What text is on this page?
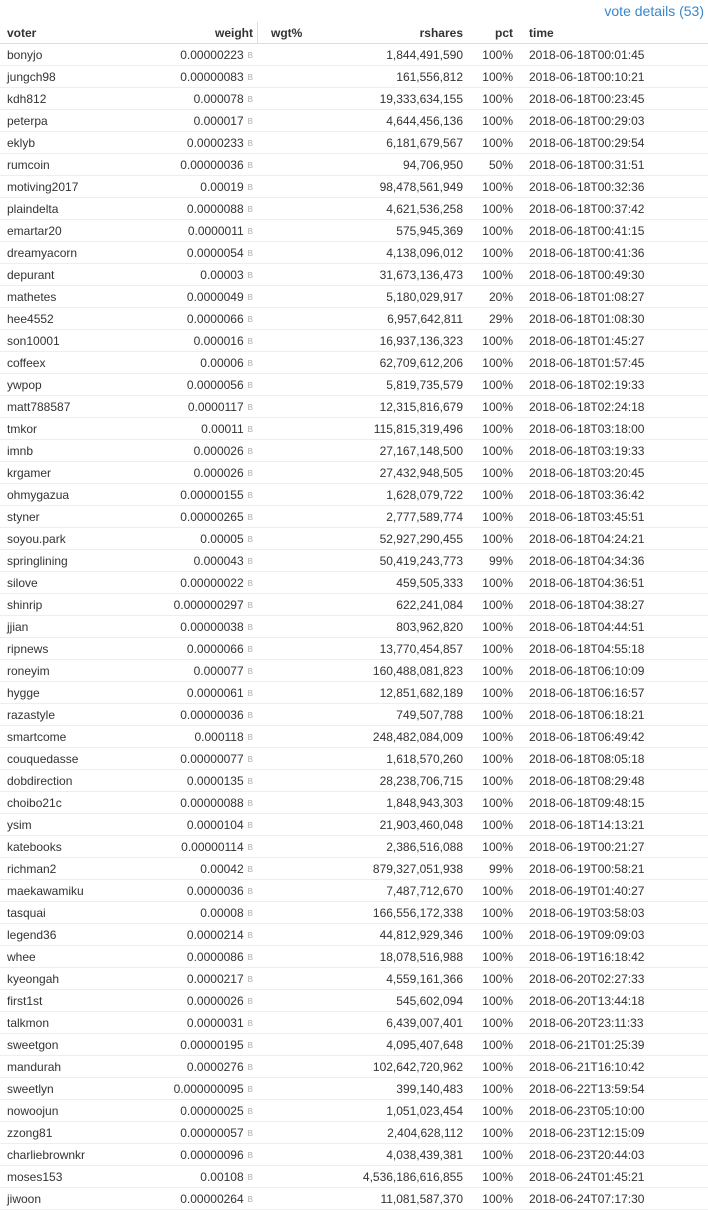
vote details (53)
voter	weight	wgt%	rshares	pct	time
bonyjo	0.00000223 B		1,844,491,590	100%	2018-06-18T00:01:45
jungch98	0.00000083 B		161,556,812	100%	2018-06-18T00:10:21
kdh812	0.000078 B		19,333,634,155	100%	2018-06-18T00:23:45
peterpa	0.000017 B		4,644,456,136	100%	2018-06-18T00:29:03
eklyb	0.0000233 B		6,181,679,567	100%	2018-06-18T00:29:54
rumcoin	0.00000036 B		94,706,950	50%	2018-06-18T00:31:51
motiving2017	0.00019 B		98,478,561,949	100%	2018-06-18T00:32:36
plaindelta	0.0000088 B		4,621,536,258	100%	2018-06-18T00:37:42
emartar20	0.0000011 B		575,945,369	100%	2018-06-18T00:41:15
dreamyacorn	0.0000054 B		4,138,096,012	100%	2018-06-18T00:41:36
depurant	0.00003 B		31,673,136,473	100%	2018-06-18T00:49:30
mathetes	0.0000049 B		5,180,029,917	20%	2018-06-18T01:08:27
hee4552	0.0000066 B		6,957,642,811	29%	2018-06-18T01:08:30
son10001	0.000016 B		16,937,136,323	100%	2018-06-18T01:45:27
coffeex	0.00006 B		62,709,612,206	100%	2018-06-18T01:57:45
ywpop	0.0000056 B		5,819,735,579	100%	2018-06-18T02:19:33
matt788587	0.0000117 B		12,315,816,679	100%	2018-06-18T02:24:18
tmkor	0.00011 B		115,815,319,496	100%	2018-06-18T03:18:00
imnb	0.000026 B		27,167,148,500	100%	2018-06-18T03:19:33
krgamer	0.000026 B		27,432,948,505	100%	2018-06-18T03:20:45
ohmygazua	0.00000155 B		1,628,079,722	100%	2018-06-18T03:36:42
styner	0.00000265 B		2,777,589,774	100%	2018-06-18T03:45:51
soyou.park	0.00005 B		52,927,290,455	100%	2018-06-18T04:24:21
springlining	0.000043 B		50,419,243,773	99%	2018-06-18T04:34:36
silove	0.00000022 B		459,505,333	100%	2018-06-18T04:36:51
shinrip	0.000000297 B		622,241,084	100%	2018-06-18T04:38:27
jjian	0.00000038 B		803,962,820	100%	2018-06-18T04:44:51
ripnews	0.0000066 B		13,770,454,857	100%	2018-06-18T04:55:18
roneyim	0.000077 B		160,488,081,823	100%	2018-06-18T06:10:09
hygge	0.0000061 B		12,851,682,189	100%	2018-06-18T06:16:57
razastyle	0.00000036 B		749,507,788	100%	2018-06-18T06:18:21
smartcome	0.000118 B		248,482,084,009	100%	2018-06-18T06:49:42
couquedasse	0.00000077 B		1,618,570,260	100%	2018-06-18T08:05:18
dobdirection	0.0000135 B		28,238,706,715	100%	2018-06-18T08:29:48
choibo21c	0.00000088 B		1,848,943,303	100%	2018-06-18T09:48:15
ysim	0.0000104 B		21,903,460,048	100%	2018-06-18T14:13:21
katebooks	0.00000114 B		2,386,516,088	100%	2018-06-19T00:21:27
richman2	0.00042 B		879,327,051,938	99%	2018-06-19T00:58:21
maekawamiku	0.0000036 B		7,487,712,670	100%	2018-06-19T01:40:27
tasquai	0.00008 B		166,556,172,338	100%	2018-06-19T03:58:03
legend36	0.0000214 B		44,812,929,346	100%	2018-06-19T09:09:03
whee	0.0000086 B		18,078,516,988	100%	2018-06-19T16:18:42
kyeongah	0.0000217 B		4,559,161,366	100%	2018-06-20T02:27:33
first1st	0.0000026 B		545,602,094	100%	2018-06-20T13:44:18
talkmon	0.0000031 B		6,439,007,401	100%	2018-06-20T23:11:33
sweetgon	0.00000195 B		4,095,407,648	100%	2018-06-21T01:25:39
mandurah	0.0000276 B		102,642,720,962	100%	2018-06-21T16:10:42
sweetlyn	0.000000095 B		399,140,483	100%	2018-06-22T13:59:54
nowoojun	0.00000025 B		1,051,023,454	100%	2018-06-23T05:10:00
zzong81	0.00000057 B		2,404,628,112	100%	2018-06-23T12:15:09
charliebrownkr	0.00000096 B		4,038,439,381	100%	2018-06-23T20:44:03
moses153	0.00108 B		4,536,186,616,855	100%	2018-06-24T01:45:21
jiwoon	0.00000264 B		11,081,587,370	100%	2018-06-24T07:17:30
